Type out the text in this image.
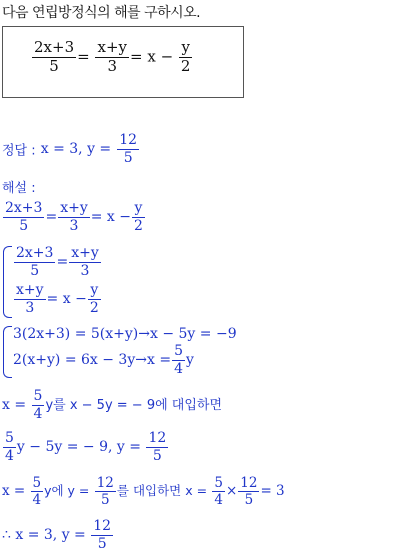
다음 연립방정식의 해를 구하시오.
$\frac{2x+3}{5} = \frac{x+y}{3} = x - \frac{y}{2}$
정답 : x = 3, $y = \frac{12}{5}$
해설 :
$\frac{2x+3}{5} = \frac{x+y}{3} = x - \frac{y}{2}$
$\frac{2x+3}{5} = \frac{x+y}{3}$
$\frac{x+y}{3} = x - \frac{y}{2}$
3(2x+3) = 5(x+y)→x − 5y = −9
$2(x+y) = 6x - 3y\to x = \frac{5}{4}$ y
$x = \frac{5}{4}$ y를 x − 5y = − 9에 대입하면
$\frac{5}{4}$ y − 5y = − 9, $y = \frac{12}{5}$
$x = \frac{5}{4}$ y에 $y = \frac{12}{5}$ 를 대입하면 $x = \frac{5}{4} \times \frac{12}{5} = 3$
∴ x = 3, $y = \frac{12}{5}$
